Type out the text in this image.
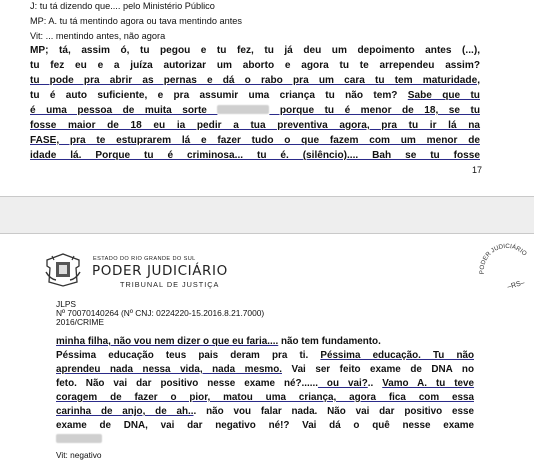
J: tu tá dizendo que.... pelo Ministério Público
MP: A. tu tá mentindo agora ou tava mentindo antes
Vit: ... mentindo antes, não agora
MP; tá, assim ó, tu pegou e tu fez, tu já deu um depoimento antes (...),
tu fez eu e a juíza autorizar um aborto e agora tu te arrependeu assim?
tu pode pra abrir as pernas e dá o rabo pra um cara tu tem maturidade,
tu é auto suficiente, e pra assumir uma criança tu não tem? Sabe que tu
é uma pessoa de muita sorte	porque tu é menor de 18, se tu
fosse maior de 18 eu ia pedir a tua preventiva agora, pra tu ir lá na
FASE, pra te estuprarem lá e fazer tudo o que fazem com um menor de
idade lá. Porque tu é criminosa... tu é. (silêncio).... Bah se tu fosse
17
ESTADO DO RIO GRANDE DO SUL
PODER JUDICIÁRIO
TRIBUNAL DE JUSTIÇA
PODER JUDICIÁRIO
–RS–
JLPS
Nº 70070140264 (Nº CNJ: 0224220-15.2016.8.21.7000)
2016/CRIME
minha filha, não vou nem dizer o que eu faria.... não tem fundamento.
Péssima educação teus pais deram pra ti. Péssima educação. Tu não
aprendeu nada nessa vida, nada mesmo. Vai ser feito exame de DNA no
feto. Não vai dar positivo nesse exame né?...... ou vai?.. Vamo A. tu teve
coragem de fazer o pior, matou uma criança, agora fica com essa
carinha de anjo, de ah... não vou falar nada. Não vai dar positivo esse
exame de DNA, vai dar negativo né!? Vai dá o quê nesse exame
Vit: negativo
